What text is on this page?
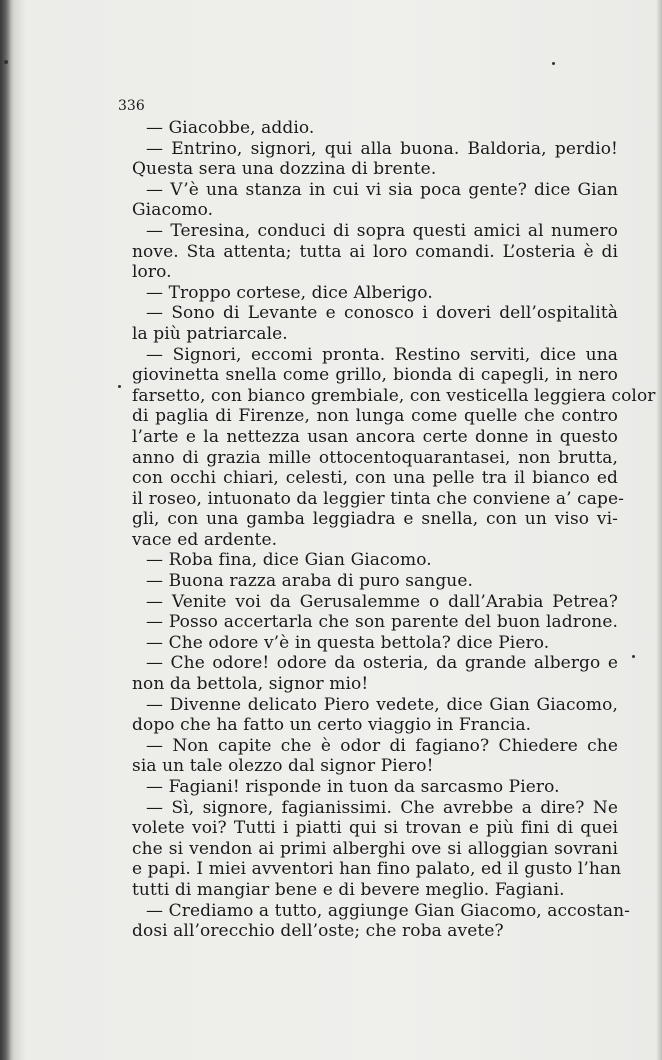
336
— Giacobbe, addio.
— Entrino, signori, qui alla buona. Baldoria, perdio!
Questa sera una dozzina di brente.
— V’è una stanza in cui vi sia poca gente? dice Gian
Giacomo.
— Teresina, conduci di sopra questi amici al numero
nove. Sta attenta; tutta ai loro comandi. L’osteria è di
loro.
— Troppo cortese, dice Alberigo.
— Sono di Levante e conosco i doveri dell’ospitalità
la più patriarcale.
— Signori, eccomi pronta. Restino serviti, dice una
giovinetta snella come grillo, bionda di capegli, in nero
farsetto, con bianco grembiale, con vesticella leggiera color
di paglia di Firenze, non lunga come quelle che contro
l’arte e la nettezza usan ancora certe donne in questo
anno di grazia mille ottocentoquarantasei, non brutta,
con occhi chiari, celesti, con una pelle tra il bianco ed
il roseo, intuonato da leggier tinta che conviene a’ cape-
gli, con una gamba leggiadra e snella, con un viso vi-
vace ed ardente.
— Roba fina, dice Gian Giacomo.
— Buona razza araba di puro sangue.
— Venite voi da Gerusalemme o dall’Arabia Petrea?
— Posso accertarla che son parente del buon ladrone.
— Che odore v’è in questa bettola? dice Piero.
— Che odore! odore da osteria, da grande albergo e
non da bettola, signor mio!
— Divenne delicato Piero vedete, dice Gian Giacomo,
dopo che ha fatto un certo viaggio in Francia.
— Non capite che è odor di fagiano? Chiedere che
sia un tale olezzo dal signor Piero!
— Fagiani! risponde in tuon da sarcasmo Piero.
— Sì, signore, fagianissimi. Che avrebbe a dire? Ne
volete voi? Tutti i piatti qui si trovan e più fini di quei
che si vendon ai primi alberghi ove si alloggian sovrani
e papi. I miei avventori han fino palato, ed il gusto l’han
tutti di mangiar bene e di bevere meglio. Fagiani.
— Crediamo a tutto, aggiunge Gian Giacomo, accostan-
dosi all’orecchio dell’oste; che roba avete?
